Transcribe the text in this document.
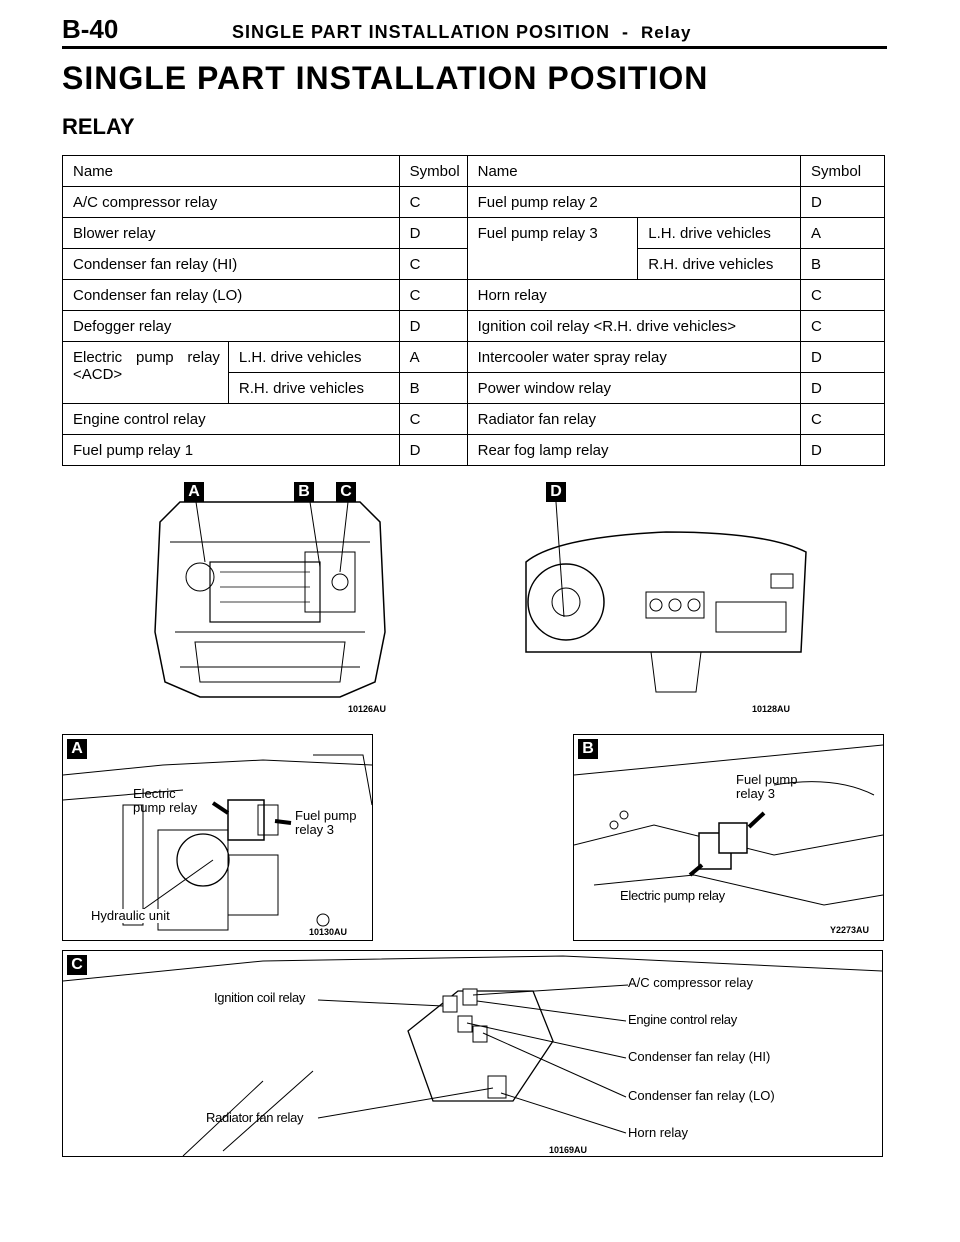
B-40	SINGLE PART INSTALLATION POSITION - Relay
SINGLE PART INSTALLATION POSITION
RELAY
Name		Symbol	Name		Symbol
A/C compressor relay		C	Fuel pump relay 2		D
Blower relay		D	Fuel pump relay 3	L.H. drive vehicles	A
Condenser fan relay (HI)		C		R.H. drive vehicles	B
Condenser fan relay (LO)		C	Horn relay		C
Defogger relay		D	Ignition coil relay <R.H. drive vehicles>		C

Electric pump relay
<ACD>	L.H. drive vehicles	A	Intercooler water spray relay		D
	R.H. drive vehicles	B	Power window relay		D
Engine control relay		C	Radiator fan relay		C
Fuel pump relay 1		D	Rear fog lamp relay		D
A	B C
10126AU
D
10128AU
A
Electric
pump relay
Fuel pump
relay 3
Hydraulic unit
10130AU
B
Fuel pump
relay 3
Electric pump relay
Y2273AU
C
Ignition coil relay
Radiator fan relay
A/C compressor relay
Engine control relay
Condenser fan relay (HI)
Condenser fan relay (LO)
Horn relay
10169AU
